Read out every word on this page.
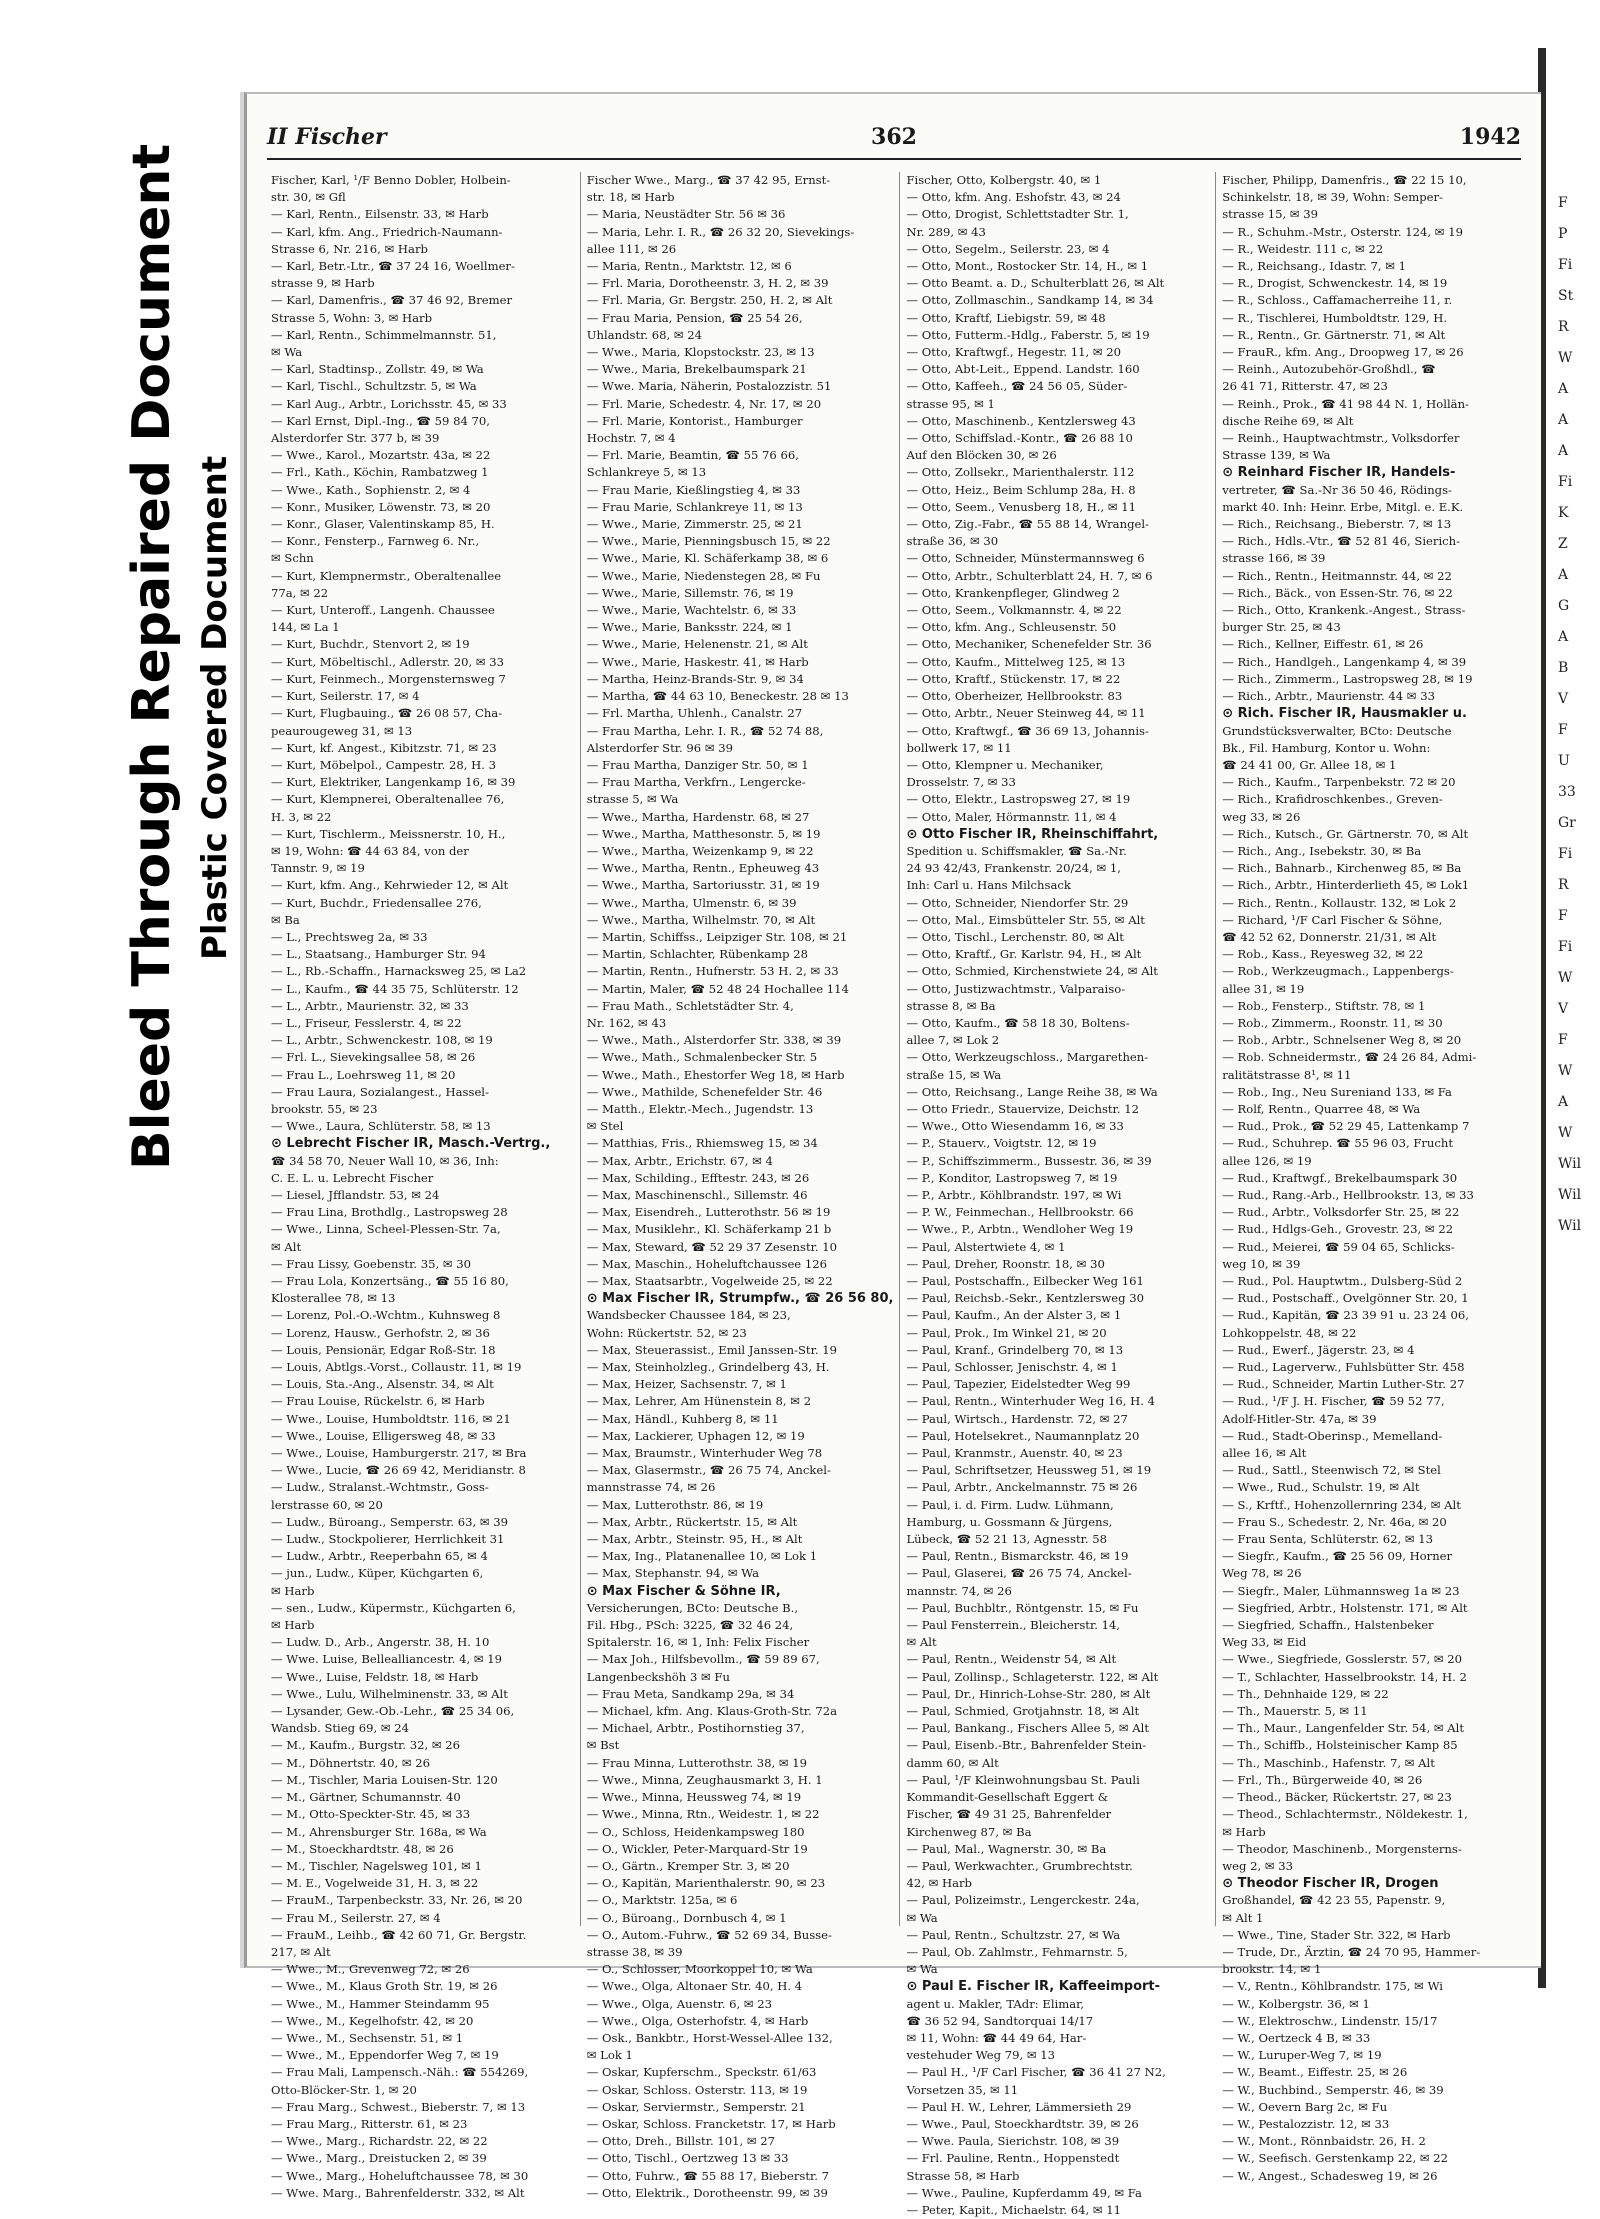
Bleed Through Repaired Document Plastic Covered Document
F
P
Fi
St
R
W
A
A
A
Fi
K
Z
A
G
A
B
V
F
U
33
Gr
Fi
R
F
Fi
W
V
F
W
A
W
Wil
Wil
Wil
II Fischer	362	1942
Fischer, Karl, ¹/F Benno Dobler, Holbein-
str. 30, ✉ Gfl
— Karl, Rentn., Eilsenstr. 33, ✉ Harb
— Karl, kfm. Ang., Friedrich-Naumann-
Strasse 6, Nr. 216, ✉ Harb
— Karl, Betr.-Ltr., ☎ 37 24 16, Woellmer-
strasse 9, ✉ Harb
— Karl, Damenfris., ☎ 37 46 92, Bremer
Strasse 5, Wohn: 3, ✉ Harb
— Karl, Rentn., Schimmelmannstr. 51,
✉ Wa
— Karl, Stadtinsp., Zollstr. 49, ✉ Wa
— Karl, Tischl., Schultzstr. 5, ✉ Wa
— Karl Aug., Arbtr., Lorichsstr. 45, ✉ 33
— Karl Ernst, Dipl.-Ing., ☎ 59 84 70,
Alsterdorfer Str. 377 b, ✉ 39
— Wwe., Karol., Mozartstr. 43a, ✉ 22
— Frl., Kath., Köchin, Rambatzweg 1
— Wwe., Kath., Sophienstr. 2, ✉ 4
— Konr., Musiker, Löwenstr. 73, ✉ 20
— Konr., Glaser, Valentinskamp 85, H.
— Konr., Fensterp., Farnweg 6. Nr.,
✉ Schn
— Kurt, Klempnermstr., Oberaltenallee
77a, ✉ 22
— Kurt, Unteroff., Langenh. Chaussee
144, ✉ La 1
— Kurt, Buchdr., Stenvort 2, ✉ 19
— Kurt, Möbeltischl., Adlerstr. 20, ✉ 33
— Kurt, Feinmech., Morgensternsweg 7
— Kurt, Seilerstr. 17, ✉ 4
— Kurt, Flugbauing., ☎ 26 08 57, Cha-
peaurougeweg 31, ✉ 13
— Kurt, kf. Angest., Kibitzstr. 71, ✉ 23
— Kurt, Möbelpol., Campestr. 28, H. 3
— Kurt, Elektriker, Langenkamp 16, ✉ 39
— Kurt, Klempnerei, Oberaltenallee 76,
H. 3, ✉ 22
— Kurt, Tischlerm., Meissnerstr. 10, H.,
✉ 19, Wohn: ☎ 44 63 84, von der
Tannstr. 9, ✉ 19
— Kurt, kfm. Ang., Kehrwieder 12, ✉ Alt
— Kurt, Buchdr., Friedensallee 276,
✉ Ba
— L., Prechtsweg 2a, ✉ 33
— L., Staatsang., Hamburger Str. 94
— L., Rb.-Schaffn., Harnacksweg 25, ✉ La2
— L., Kaufm., ☎ 44 35 75, Schlüterstr. 12
— L., Arbtr., Maurienstr. 32, ✉ 33
— L., Friseur, Fesslerstr. 4, ✉ 22
— L., Arbtr., Schwenckestr. 108, ✉ 19
— Frl. L., Sievekingsallee 58, ✉ 26
— Frau L., Loehrsweg 11, ✉ 20
— Frau Laura, Sozialangest., Hassel-
brookstr. 55, ✉ 23
— Wwe., Laura, Schlüterstr. 58, ✉ 13
⊙ Lebrecht Fischer IR, Masch.-Vertrg.,
☎ 34 58 70, Neuer Wall 10, ✉ 36, Inh:
C. E. L. u. Lebrecht Fischer
— Liesel, Jfflandstr. 53, ✉ 24
— Frau Lina, Brothdlg., Lastropsweg 28
— Wwe., Linna, Scheel-Plessen-Str. 7a,
✉ Alt
— Frau Lissy, Goebenstr. 35, ✉ 30
— Frau Lola, Konzertsäng., ☎ 55 16 80,
Klosterallee 78, ✉ 13
— Lorenz, Pol.-O.-Wchtm., Kuhnsweg 8
— Lorenz, Hausw., Gerhofstr. 2, ✉ 36
— Louis, Pensionär, Edgar Roß-Str. 18
— Louis, Abtlgs.-Vorst., Collaustr. 11, ✉ 19
— Louis, Sta.-Ang., Alsenstr. 34, ✉ Alt
— Frau Louise, Rückelstr. 6, ✉ Harb
— Wwe., Louise, Humboldtstr. 116, ✉ 21
— Wwe., Louise, Elligersweg 48, ✉ 33
— Wwe., Louise, Hamburgerstr. 217, ✉ Bra
— Wwe., Lucie, ☎ 26 69 42, Meridianstr. 8
— Ludw., Stralanst.-Wchtmstr., Goss-
lerstrasse 60, ✉ 20
— Ludw., Büroang., Semperstr. 63, ✉ 39
— Ludw., Stockpolierer, Herrlichkeit 31
— Ludw., Arbtr., Reeperbahn 65, ✉ 4
— jun., Ludw., Küper, Küchgarten 6,
✉ Harb
— sen., Ludw., Küpermstr., Küchgarten 6,
✉ Harb
— Ludw. D., Arb., Angerstr. 38, H. 10
— Wwe. Luise, Bellealliancestr. 4, ✉ 19
— Wwe., Luise, Feldstr. 18, ✉ Harb
— Wwe., Lulu, Wilhelminenstr. 33, ✉ Alt
— Lysander, Gew.-Ob.-Lehr., ☎ 25 34 06,
Wandsb. Stieg 69, ✉ 24
— M., Kaufm., Burgstr. 32, ✉ 26
— M., Döhnertstr. 40, ✉ 26
— M., Tischler, Maria Louisen-Str. 120
— M., Gärtner, Schumannstr. 40
— M., Otto-Speckter-Str. 45, ✉ 33
— M., Ahrensburger Str. 168a, ✉ Wa
— M., Stoeckhardtstr. 48, ✉ 26
— M., Tischler, Nagelsweg 101, ✉ 1
— M. E., Vogelweide 31, H. 3, ✉ 22
— FrauM., Tarpenbeckstr. 33, Nr. 26, ✉ 20
— Frau M., Seilerstr. 27, ✉ 4
— FrauM., Leihb., ☎ 42 60 71, Gr. Bergstr.
217, ✉ Alt
— Wwe., M., Grevenweg 72, ✉ 26
— Wwe., M., Klaus Groth Str. 19, ✉ 26
— Wwe., M., Hammer Steindamm 95
— Wwe., M., Kegelhofstr. 42, ✉ 20
— Wwe., M., Sechsenstr. 51, ✉ 1
— Wwe., M., Eppendorfer Weg 7, ✉ 19
— Frau Mali, Lampensch.-Näh.: ☎ 554269,
Otto-Blöcker-Str. 1, ✉ 20
— Frau Marg., Schwest., Bieberstr. 7, ✉ 13
— Frau Marg., Ritterstr. 61, ✉ 23
— Wwe., Marg., Richardstr. 22, ✉ 22
— Wwe., Marg., Dreistucken 2, ✉ 39
— Wwe., Marg., Hoheluftchaussee 78, ✉ 30
— Wwe. Marg., Bahrenfelderstr. 332, ✉ Alt
Fischer Wwe., Marg., ☎ 37 42 95, Ernst-
str. 18, ✉ Harb
— Maria, Neustädter Str. 56 ✉ 36
— Maria, Lehr. I. R., ☎ 26 32 20, Sievekings-
allee 111, ✉ 26
— Maria, Rentn., Marktstr. 12, ✉ 6
— Frl. Maria, Dorotheenstr. 3, H. 2, ✉ 39
— Frl. Maria, Gr. Bergstr. 250, H. 2, ✉ Alt
— Frau Maria, Pension, ☎ 25 54 26,
Uhlandstr. 68, ✉ 24
— Wwe., Maria, Klopstockstr. 23, ✉ 13
— Wwe., Maria, Brekelbaumspark 21
— Wwe. Maria, Näherin, Postalozzistr. 51
— Frl. Marie, Schedestr. 4, Nr. 17, ✉ 20
— Frl. Marie, Kontorist., Hamburger
Hochstr. 7, ✉ 4
— Frl. Marie, Beamtin, ☎ 55 76 66,
Schlankreye 5, ✉ 13
— Frau Marie, Kießlingstieg 4, ✉ 33
— Frau Marie, Schlankreye 11, ✉ 13
— Wwe., Marie, Zimmerstr. 25, ✉ 21
— Wwe., Marie, Pienningsbusch 15, ✉ 22
— Wwe., Marie, Kl. Schäferkamp 38, ✉ 6
— Wwe., Marie, Niedenstegen 28, ✉ Fu
— Wwe., Marie, Sillemstr. 76, ✉ 19
— Wwe., Marie, Wachtelstr. 6, ✉ 33
— Wwe., Marie, Banksstr. 224, ✉ 1
— Wwe., Marie, Helenenstr. 21, ✉ Alt
— Wwe., Marie, Haskestr. 41, ✉ Harb
— Martha, Heinz-Brands-Str. 9, ✉ 34
— Martha, ☎ 44 63 10, Beneckestr. 28 ✉ 13
— Frl. Martha, Uhlenh., Canalstr. 27
— Frau Martha, Lehr. I. R., ☎ 52 74 88,
Alsterdorfer Str. 96 ✉ 39
— Frau Martha, Danziger Str. 50, ✉ 1
— Frau Martha, Verkfrn., Lengercke-
strasse 5, ✉ Wa
— Wwe., Martha, Hardenstr. 68, ✉ 27
— Wwe., Martha, Matthesonstr. 5, ✉ 19
— Wwe., Martha, Weizenkamp 9, ✉ 22
— Wwe., Martha, Rentn., Epheuweg 43
— Wwe., Martha, Sartoriusstr. 31, ✉ 19
— Wwe., Martha, Ulmenstr. 6, ✉ 39
— Wwe., Martha, Wilhelmstr. 70, ✉ Alt
— Martin, Schiffss., Leipziger Str. 108, ✉ 21
— Martin, Schlachter, Rübenkamp 28
— Martin, Rentn., Hufnerstr. 53 H. 2, ✉ 33
— Martin, Maler, ☎ 52 48 24 Hochallee 114
— Frau Math., Schletstädter Str. 4,
Nr. 162, ✉ 43
— Wwe., Math., Alsterdorfer Str. 338, ✉ 39
— Wwe., Math., Schmalenbecker Str. 5
— Wwe., Math., Ehestorfer Weg 18, ✉ Harb
— Wwe., Mathilde, Schenefelder Str. 46
— Matth., Elektr.-Mech., Jugendstr. 13
✉ Stel
— Matthias, Fris., Rhiemsweg 15, ✉ 34
— Max, Arbtr., Erichstr. 67, ✉ 4
— Max, Schilding., Efftestr. 243, ✉ 26
— Max, Maschinenschl., Sillemstr. 46
— Max, Eisendreh., Lutterothstr. 56 ✉ 19
— Max, Musiklehr., Kl. Schäferkamp 21 b
— Max, Steward, ☎ 52 29 37 Zesenstr. 10
— Max, Maschin., Hoheluftchaussee 126
— Max, Staatsarbtr., Vogelweide 25, ✉ 22
⊙ Max Fischer IR, Strumpfw., ☎ 26 56 80,
Wandsbecker Chaussee 184, ✉ 23,
Wohn: Rückertstr. 52, ✉ 23
— Max, Steuerassist., Emil Janssen-Str. 19
— Max, Steinholzleg., Grindelberg 43, H.
— Max, Heizer, Sachsenstr. 7, ✉ 1
— Max, Lehrer, Am Hünenstein 8, ✉ 2
— Max, Händl., Kuhberg 8, ✉ 11
— Max, Lackierer, Uphagen 12, ✉ 19
— Max, Braumstr., Winterhuder Weg 78
— Max, Glasermstr., ☎ 26 75 74, Anckel-
mannstrasse 74, ✉ 26
— Max, Lutterothstr. 86, ✉ 19
— Max, Arbtr., Rückertstr. 15, ✉ Alt
— Max, Arbtr., Steinstr. 95, H., ✉ Alt
— Max, Ing., Platanenallee 10, ✉ Lok 1
— Max, Stephanstr. 94, ✉ Wa
⊙ Max Fischer & Söhne IR,
Versicherungen, BCto: Deutsche B.,
Fil. Hbg., PSch: 3225, ☎ 32 46 24,
Spitalerstr. 16, ✉ 1, Inh: Felix Fischer
— Max Joh., Hilfsbevollm., ☎ 59 89 67,
Langenbeckshöh 3 ✉ Fu
— Frau Meta, Sandkamp 29a, ✉ 34
— Michael, kfm. Ang. Klaus-Groth-Str. 72a
— Michael, Arbtr., Postihornstieg 37,
✉ Bst
— Frau Minna, Lutterothstr. 38, ✉ 19
— Wwe., Minna, Zeughausmarkt 3, H. 1
— Wwe., Minna, Heussweg 74, ✉ 19
— Wwe., Minna, Rtn., Weidestr. 1, ✉ 22
— O., Schloss, Heidenkampsweg 180
— O., Wickler, Peter-Marquard-Str 19
— O., Gärtn., Kremper Str. 3, ✉ 20
— O., Kapitän, Marienthalerstr. 90, ✉ 23
— O., Marktstr. 125a, ✉ 6
— O., Büroang., Dornbusch 4, ✉ 1
— O., Autom.-Fuhrw., ☎ 52 69 34, Busse-
strasse 38, ✉ 39
— O., Schlosser, Moorkoppel 10, ✉ Wa
— Wwe., Olga, Altonaer Str. 40, H. 4
— Wwe., Olga, Auenstr. 6, ✉ 23
— Wwe., Olga, Osterhofstr. 4, ✉ Harb
— Osk., Bankbtr., Horst-Wessel-Allee 132,
✉ Lok 1
— Oskar, Kupferschm., Speckstr. 61/63
— Oskar, Schloss. Osterstr. 113, ✉ 19
— Oskar, Serviermstr., Semperstr. 21
— Oskar, Schloss. Francketstr. 17, ✉ Harb
— Otto, Dreh., Billstr. 101, ✉ 27
— Otto, Tischl., Oertzweg 13 ✉ 33
— Otto, Fuhrw., ☎ 55 88 17, Bieberstr. 7
— Otto, Elektrik., Dorotheenstr. 99, ✉ 39
Fischer, Otto, Kolbergstr. 40, ✉ 1
— Otto, kfm. Ang. Eshofstr. 43, ✉ 24
— Otto, Drogist, Schlettstadter Str. 1,
Nr. 289, ✉ 43
— Otto, Segelm., Seilerstr. 23, ✉ 4
— Otto, Mont., Rostocker Str. 14, H., ✉ 1
— Otto Beamt. a. D., Schulterblatt 26, ✉ Alt
— Otto, Zollmaschin., Sandkamp 14, ✉ 34
— Otto, Kraftf, Liebigstr. 59, ✉ 48
— Otto, Futterm.-Hdlg., Faberstr. 5, ✉ 19
— Otto, Kraftwgf., Hegestr. 11, ✉ 20
— Otto, Abt-Leit., Eppend. Landstr. 160
— Otto, Kaffeeh., ☎ 24 56 05, Süder-
strasse 95, ✉ 1
— Otto, Maschinenb., Kentzlersweg 43
— Otto, Schiffslad.-Kontr., ☎ 26 88 10
Auf den Blöcken 30, ✉ 26
— Otto, Zollsekr., Marienthalerstr. 112
— Otto, Heiz., Beim Schlump 28a, H. 8
— Otto, Seem., Venusberg 18, H., ✉ 11
— Otto, Zig.-Fabr., ☎ 55 88 14, Wrangel-
straße 36, ✉ 30
— Otto, Schneider, Münstermannsweg 6
— Otto, Arbtr., Schulterblatt 24, H. 7, ✉ 6
— Otto, Krankenpfleger, Glindweg 2
— Otto, Seem., Volkmannstr. 4, ✉ 22
— Otto, kfm. Ang., Schleusenstr. 50
— Otto, Mechaniker, Schenefelder Str. 36
— Otto, Kaufm., Mittelweg 125, ✉ 13
— Otto, Kraftf., Stückenstr. 17, ✉ 22
— Otto, Oberheizer, Hellbrookstr. 83
— Otto, Arbtr., Neuer Steinweg 44, ✉ 11
— Otto, Kraftwgf., ☎ 36 69 13, Johannis-
bollwerk 17, ✉ 11
— Otto, Klempner u. Mechaniker,
Drosselstr. 7, ✉ 33
— Otto, Elektr., Lastropsweg 27, ✉ 19
— Otto, Maler, Hörmannstr. 11, ✉ 4
⊙ Otto Fischer IR, Rheinschiffahrt,
Spedition u. Schiffsmakler, ☎ Sa.-Nr.
24 93 42/43, Frankenstr. 20/24, ✉ 1,
Inh: Carl u. Hans Milchsack
— Otto, Schneider, Niendorfer Str. 29
— Otto, Mal., Eimsbütteler Str. 55, ✉ Alt
— Otto, Tischl., Lerchenstr. 80, ✉ Alt
— Otto, Kraftf., Gr. Karlstr. 94, H., ✉ Alt
— Otto, Schmied, Kirchenstwiete 24, ✉ Alt
— Otto, Justizwachtmstr., Valparaiso-
strasse 8, ✉ Ba
— Otto, Kaufm., ☎ 58 18 30, Boltens-
allee 7, ✉ Lok 2
— Otto, Werkzeugschloss., Margarethen-
straße 15, ✉ Wa
— Otto, Reichsang., Lange Reihe 38, ✉ Wa
— Otto Friedr., Stauervize, Deichstr. 12
— Wwe., Otto Wiesendamm 16, ✉ 33
— P., Stauerv., Voigtstr. 12, ✉ 19
— P., Schiffszimmerm., Bussestr. 36, ✉ 39
— P., Konditor, Lastropsweg 7, ✉ 19
— P., Arbtr., Köhlbrandstr. 197, ✉ Wi
— P. W., Feinmechan., Hellbrookstr. 66
— Wwe., P., Arbtn., Wendloher Weg 19
— Paul, Alstertwiete 4, ✉ 1
— Paul, Dreher, Roonstr. 18, ✉ 30
— Paul, Postschaffn., Eilbecker Weg 161
— Paul, Reichsb.-Sekr., Kentzlersweg 30
— Paul, Kaufm., An der Alster 3, ✉ 1
— Paul, Prok., Im Winkel 21, ✉ 20
— Paul, Kranf., Grindelberg 70, ✉ 13
— Paul, Schlosser, Jenischstr. 4, ✉ 1
— Paul, Tapezier, Eidelstedter Weg 99
— Paul, Rentn., Winterhuder Weg 16, H. 4
— Paul, Wirtsch., Hardenstr. 72, ✉ 27
— Paul, Hotelsekret., Naumannplatz 20
— Paul, Kranmstr., Auenstr. 40, ✉ 23
— Paul, Schriftsetzer, Heussweg 51, ✉ 19
— Paul, Arbtr., Anckelmannstr. 75 ✉ 26
— Paul, i. d. Firm. Ludw. Lühmann,
Hamburg, u. Gossmann & Jürgens,
Lübeck, ☎ 52 21 13, Agnesstr. 58
— Paul, Rentn., Bismarckstr. 46, ✉ 19
— Paul, Glaserei, ☎ 26 75 74, Anckel-
mannstr. 74, ✉ 26
— Paul, Buchbltr., Röntgenstr. 15, ✉ Fu
— Paul Fensterrein., Bleicherstr. 14,
✉ Alt
— Paul, Rentn., Weidenstr 54, ✉ Alt
— Paul, Zollinsp., Schlageterstr. 122, ✉ Alt
— Paul, Dr., Hinrich-Lohse-Str. 280, ✉ Alt
— Paul, Schmied, Grotjahnstr. 18, ✉ Alt
— Paul, Bankang., Fischers Allee 5, ✉ Alt
— Paul, Eisenb.-Btr., Bahrenfelder Stein-
damm 60, ✉ Alt
— Paul, ¹/F Kleinwohnungsbau St. Pauli
Kommandit-Gesellschaft Eggert &
Fischer, ☎ 49 31 25, Bahrenfelder
Kirchenweg 87, ✉ Ba
— Paul, Mal., Wagnerstr. 30, ✉ Ba
— Paul, Werkwachter., Grumbrechtstr.
42, ✉ Harb
— Paul, Polizeimstr., Lengerckestr. 24a,
✉ Wa
— Paul, Rentn., Schultzstr. 27, ✉ Wa
— Paul, Ob. Zahlmstr., Fehmarnstr. 5,
✉ Wa
⊙ Paul E. Fischer IR, Kaffeeimport-
agent u. Makler, TAdr: Elimar,
☎ 36 52 94, Sandtorquai 14/17
✉ 11, Wohn: ☎ 44 49 64, Har-
vestehuder Weg 79, ✉ 13
— Paul H., ¹/F Carl Fischer, ☎ 36 41 27 N2,
Vorsetzen 35, ✉ 11
— Paul H. W., Lehrer, Lämmersieth 29
— Wwe., Paul, Stoeckhardtstr. 39, ✉ 26
— Wwe. Paula, Sierichstr. 108, ✉ 39
— Frl. Pauline, Rentn., Hoppenstedt
Strasse 58, ✉ Harb
— Wwe., Pauline, Kupferdamm 49, ✉ Fa
— Peter, Kapit., Michaelstr. 64, ✉ 11
Fischer, Philipp, Damenfris., ☎ 22 15 10,
Schinkelstr. 18, ✉ 39, Wohn: Semper-
strasse 15, ✉ 39
— R., Schuhm.-Mstr., Osterstr. 124, ✉ 19
— R., Weidestr. 111 c, ✉ 22
— R., Reichsang., Idastr. 7, ✉ 1
— R., Drogist, Schwenckestr. 14, ✉ 19
— R., Schloss., Caffamacherreihe 11, r.
— R., Tischlerei, Humboldtstr. 129, H.
— R., Rentn., Gr. Gärtnerstr. 71, ✉ Alt
— FrauR., kfm. Ang., Droopweg 17, ✉ 26
— Reinh., Autozubehör-Großhdl., ☎
26 41 71, Ritterstr. 47, ✉ 23
— Reinh., Prok., ☎ 41 98 44 N. 1, Hollän-
dische Reihe 69, ✉ Alt
— Reinh., Hauptwachtmstr., Volksdorfer
Strasse 139, ✉ Wa
⊙ Reinhard Fischer IR, Handels-
vertreter, ☎ Sa.-Nr 36 50 46, Rödings-
markt 40. Inh: Heinr. Erbe, Mitgl. e. E.K.
— Rich., Reichsang., Bieberstr. 7, ✉ 13
— Rich., Hdls.-Vtr., ☎ 52 81 46, Sierich-
strasse 166, ✉ 39
— Rich., Rentn., Heitmannstr. 44, ✉ 22
— Rich., Bäck., von Essen-Str. 76, ✉ 22
— Rich., Otto, Krankenk.-Angest., Strass-
burger Str. 25, ✉ 43
— Rich., Kellner, Eiffestr. 61, ✉ 26
— Rich., Handlgeh., Langenkamp 4, ✉ 39
— Rich., Zimmerm., Lastropsweg 28, ✉ 19
— Rich., Arbtr., Maurienstr. 44 ✉ 33
⊙ Rich. Fischer IR, Hausmakler u.
Grundstücksverwalter, BCto: Deutsche
Bk., Fil. Hamburg, Kontor u. Wohn:
☎ 24 41 00, Gr. Allee 18, ✉ 1
— Rich., Kaufm., Tarpenbekstr. 72 ✉ 20
— Rich., Krafidroschkenbes., Greven-
weg 33, ✉ 26
— Rich., Kutsch., Gr. Gärtnerstr. 70, ✉ Alt
— Rich., Ang., Isebekstr. 30, ✉ Ba
— Rich., Bahnarb., Kirchenweg 85, ✉ Ba
— Rich., Arbtr., Hinterderlieth 45, ✉ Lok1
— Rich., Rentn., Kollaustr. 132, ✉ Lok 2
— Richard, ¹/F Carl Fischer & Söhne,
☎ 42 52 62, Donnerstr. 21/31, ✉ Alt
— Rob., Kass., Reyesweg 32, ✉ 22
— Rob., Werkzeugmach., Lappenbergs-
allee 31, ✉ 19
— Rob., Fensterp., Stiftstr. 78, ✉ 1
— Rob., Zimmerm., Roonstr. 11, ✉ 30
— Rob., Arbtr., Schnelsener Weg 8, ✉ 20
— Rob. Schneidermstr., ☎ 24 26 84, Admi-
ralitätstrasse 8¹, ✉ 11
— Rob., Ing., Neu Sureniand 133, ✉ Fa
— Rolf, Rentn., Quarree 48, ✉ Wa
— Rud., Prok., ☎ 52 29 45, Lattenkamp 7
— Rud., Schuhrep. ☎ 55 96 03, Frucht
allee 126, ✉ 19
— Rud., Kraftwgf., Brekelbaumspark 30
— Rud., Rang.-Arb., Hellbrookstr. 13, ✉ 33
— Rud., Arbtr., Volksdorfer Str. 25, ✉ 22
— Rud., Hdlgs-Geh., Grovestr. 23, ✉ 22
— Rud., Meierei, ☎ 59 04 65, Schlicks-
weg 10, ✉ 39
— Rud., Pol. Hauptwtm., Dulsberg-Süd 2
— Rud., Postschaff., Ovelgönner Str. 20, 1
— Rud., Kapitän, ☎ 23 39 91 u. 23 24 06,
Lohkoppelstr. 48, ✉ 22
— Rud., Ewerf., Jägerstr. 23, ✉ 4
— Rud., Lagerverw., Fuhlsbütter Str. 458
— Rud., Schneider, Martin Luther-Str. 27
— Rud., ¹/F J. H. Fischer, ☎ 59 52 77,
Adolf-Hitler-Str. 47a, ✉ 39
— Rud., Stadt-Oberinsp., Memelland-
allee 16, ✉ Alt
— Rud., Sattl., Steenwisch 72, ✉ Stel
— Wwe., Rud., Schulstr. 19, ✉ Alt
— S., Krftf., Hohenzollernring 234, ✉ Alt
— Frau S., Schedestr. 2, Nr. 46a, ✉ 20
— Frau Senta, Schlüterstr. 62, ✉ 13
— Siegfr., Kaufm., ☎ 25 56 09, Horner
Weg 78, ✉ 26
— Siegfr., Maler, Lühmannsweg 1a ✉ 23
— Siegfried, Arbtr., Holstenstr. 171, ✉ Alt
— Siegfried, Schaffn., Halstenbeker
Weg 33, ✉ Eid
— Wwe., Siegfriede, Gosslerstr. 57, ✉ 20
— T., Schlachter, Hasselbrookstr. 14, H. 2
— Th., Dehnhaide 129, ✉ 22
— Th., Mauerstr. 5, ✉ 11
— Th., Maur., Langenfelder Str. 54, ✉ Alt
— Th., Schiffb., Holsteinischer Kamp 85
— Th., Maschinb., Hafenstr. 7, ✉ Alt
— Frl., Th., Bürgerweide 40, ✉ 26
— Theod., Bäcker, Rückertstr. 27, ✉ 23
— Theod., Schlachtermstr., Nöldekestr. 1,
✉ Harb
— Theodor, Maschinenb., Morgensterns-
weg 2, ✉ 33
⊙ Theodor Fischer IR, Drogen
Großhandel, ☎ 42 23 55, Papenstr. 9,
✉ Alt 1
— Wwe., Tine, Stader Str. 322, ✉ Harb
— Trude, Dr., Ärztin, ☎ 24 70 95, Hammer-
brookstr. 14, ✉ 1
— V., Rentn., Köhlbrandstr. 175, ✉ Wi
— W., Kolbergstr. 36, ✉ 1
— W., Elektroschw., Lindenstr. 15/17
— W., Oertzeck 4 B, ✉ 33
— W., Luruper-Weg 7, ✉ 19
— W., Beamt., Eiffestr. 25, ✉ 26
— W., Buchbind., Semperstr. 46, ✉ 39
— W., Oevern Barg 2c, ✉ Fu
— W., Pestalozzistr. 12, ✉ 33
— W., Mont., Rönnbaidstr. 26, H. 2
— W., Seefisch. Gerstenkamp 22, ✉ 22
— W., Angest., Schadesweg 19, ✉ 26
